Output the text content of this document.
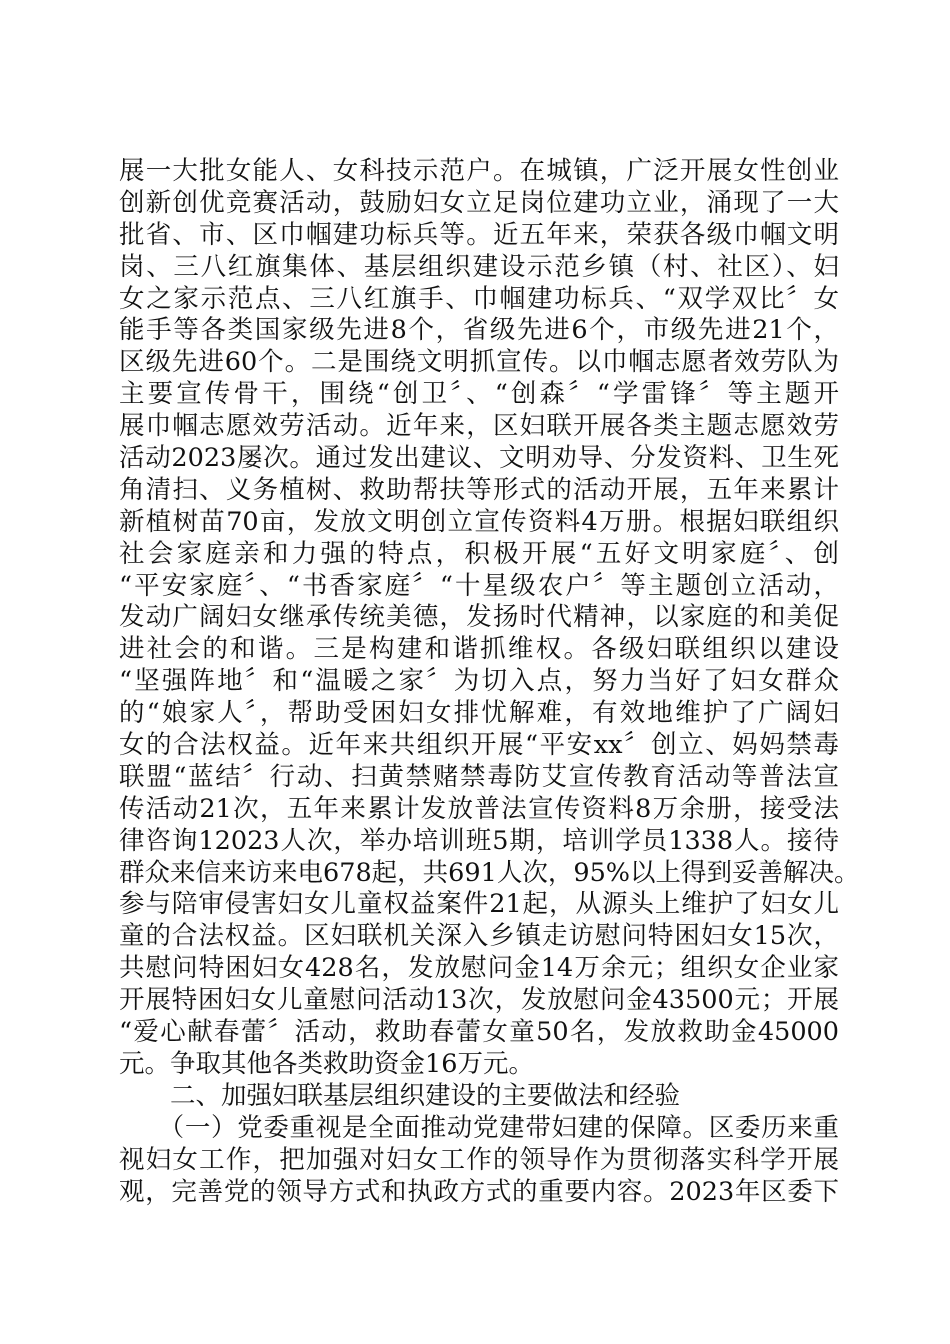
展一大批女能人、女科技示范户。在城镇，广泛开展女性创业
创新创优竞赛活动，鼓励妇女立足岗位建功立业，涌现了一大
批省、市、区巾帼建功标兵等。近五年来，荣获各级巾帼文明
岗、三八红旗集体、基层组织建设示范乡镇（村、社区）、妇
女之家示范点、三八红旗手、巾帼建功标兵、“双学双比〞女
能手等各类国家级先进8个，省级先进6个，市级先进21个，
区级先进60个。二是围绕文明抓宣传。以巾帼志愿者效劳队为
主要宣传骨干，围绕“创卫〞、“创森〞“学雷锋〞等主题开
展巾帼志愿效劳活动。近年来，区妇联开展各类主题志愿效劳
活动2023屡次。通过发出建议、文明劝导、分发资料、卫生死
角清扫、义务植树、救助帮扶等形式的活动开展，五年来累计
新植树苗70亩，发放文明创立宣传资料4万册。根据妇联组织
社会家庭亲和力强的特点，积极开展“五好文明家庭〞、创
“平安家庭〞、“书香家庭〞“十星级农户〞等主题创立活动，
发动广阔妇女继承传统美德，发扬时代精神，以家庭的和美促
进社会的和谐。三是构建和谐抓维权。各级妇联组织以建设
“坚强阵地〞和“温暖之家〞为切入点，努力当好了妇女群众
的“娘家人〞，帮助受困妇女排忧解难，有效地维护了广阔妇
女的合法权益。近年来共组织开展“平安xx〞创立、妈妈禁毒
联盟“蓝结〞行动、扫黄禁赌禁毒防艾宣传教育活动等普法宣
传活动21次，五年来累计发放普法宣传资料8万余册，接受法
律咨询12023人次，举办培训班5期，培训学员1338人。接待
群众来信来访来电678起，共691人次，95%以上得到妥善解决。
参与陪审侵害妇女儿童权益案件21起，从源头上维护了妇女儿
童的合法权益。区妇联机关深入乡镇走访慰问特困妇女15次，
共慰问特困妇女428名，发放慰问金14万余元；组织女企业家
开展特困妇女儿童慰问活动13次，发放慰问金43500元；开展
“爱心献春蕾〞活动，救助春蕾女童50名，发放救助金45000
元。争取其他各类救助资金16万元。
　　二、加强妇联基层组织建设的主要做法和经验
　　（一）党委重视是全面推动党建带妇建的保障。区委历来重
视妇女工作，把加强对妇女工作的领导作为贯彻落实科学开展
观，完善党的领导方式和执政方式的重要内容。2023年区委下
